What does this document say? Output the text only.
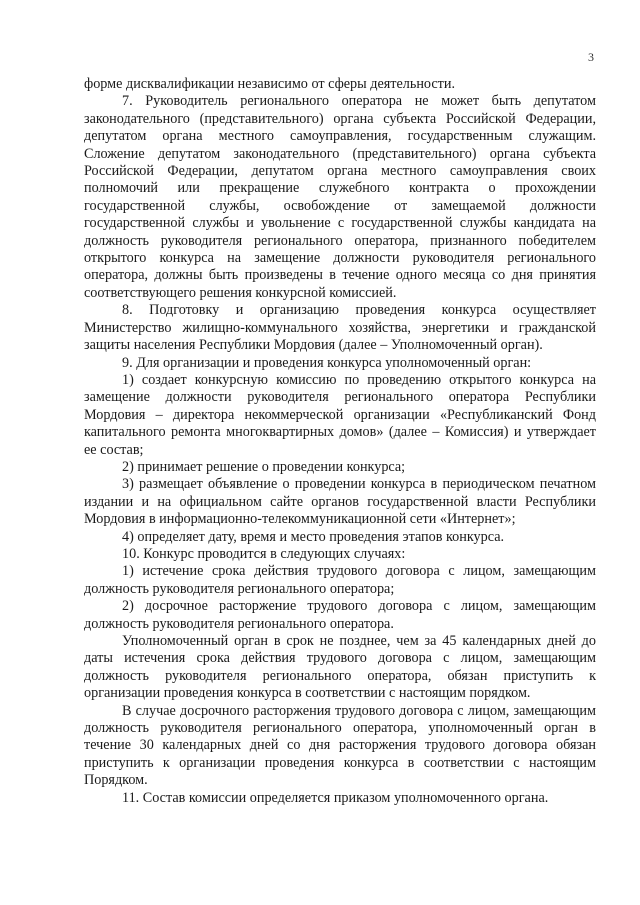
3

форме дисквалификации независимо от сферы деятельности.

7. Руководитель регионального оператора не может быть депутатом законодательного (представительного) органа субъекта Российской Федерации, депутатом органа местного самоуправления, государственным служащим. Сложение депутатом законодательного (представительного) органа субъекта Российской Федерации, депутатом органа местного самоуправления своих полномочий или прекращение служебного контракта о прохождении государственной службы, освобождение от замещаемой должности государственной службы и увольнение с государственной службы кандидата на должность руководителя регионального оператора, признанного победителем открытого конкурса на замещение должности руководителя регионального оператора, должны быть произведены в течение одного месяца со дня принятия соответствующего решения конкурсной комиссией.

8. Подготовку и организацию проведения конкурса осуществляет Министерство жилищно-коммунального хозяйства, энергетики и гражданской защиты населения Республики Мордовия (далее – Уполномоченный орган).

9. Для организации и проведения конкурса уполномоченный орган:

1) создает конкурсную комиссию по проведению открытого конкурса на замещение должности руководителя регионального оператора Республики Мордовия – директора некоммерческой организации «Республиканский Фонд капитального ремонта многоквартирных домов» (далее – Комиссия) и утверждает ее состав;

2) принимает решение о проведении конкурса;

3) размещает объявление о проведении конкурса в периодическом печатном издании и на официальном сайте органов государственной власти Республики Мордовия в информационно-телекоммуникационной сети «Интернет»;

4) определяет дату, время и место проведения этапов конкурса.

10. Конкурс проводится в следующих случаях:

1) истечение срока действия трудового договора с лицом, замещающим должность руководителя регионального оператора;

2) досрочное расторжение трудового договора с лицом, замещающим должность руководителя регионального оператора.

Уполномоченный орган в срок не позднее, чем за 45 календарных дней до даты истечения срока действия трудового договора с лицом, замещающим должность руководителя регионального оператора, обязан приступить к организации проведения конкурса в соответствии с настоящим порядком.

В случае досрочного расторжения трудового договора с лицом, замещающим должность руководителя регионального оператора, уполномоченный орган в течение 30 календарных дней со дня расторжения трудового договора обязан приступить к организации проведения конкурса в соответствии с настоящим Порядком.

11. Состав комиссии определяется приказом уполномоченного органа.
